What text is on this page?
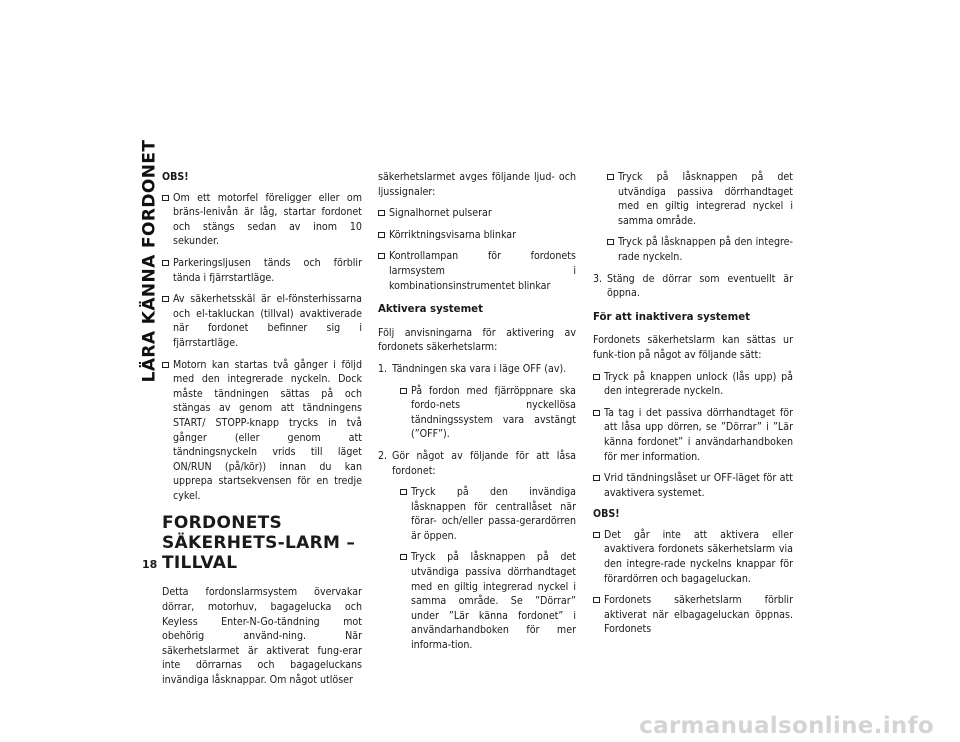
LÄRA KÄNNA FORDONET
18
OBS!
Om ett motorfel föreligger eller om bräns-lenivån är låg, startar fordonet och stängs sedan av inom 10 sekunder.
Parkeringsljusen tänds och förblir tända i fjärrstartläge.
Av säkerhetsskäl är el-fönsterhissarna och el-takluckan (tillval) avaktiverade när fordonet befinner sig i fjärrstartläge.
Motorn kan startas två gånger i följd med den integrerade nyckeln. Dock måste tändningen sättas på och stängas av genom att tändningens START/ STOPP-knapp trycks in två gånger (eller genom att tändningsnyckeln vrids till läget ON/RUN (på/kör)) innan du kan upprepa startsekvensen för en tredje cykel.
FORDONETS SÄKERHETS-LARM – TILLVAL

Detta fordonslarmsystem övervakar dörrar, motorhuv, bagagelucka och Keyless Enter-N-Go-tändning mot obehörig använd-ning. När säkerhetslarmet är aktiverat fung-erar inte dörrarnas och bagageluckans invändiga låsknappar. Om något utlöser

säkerhetslarmet avges följande ljud- och ljussignaler:

Signalhornet pulserar
Körriktningsvisarna blinkar
Kontrollampan för fordonets larmsystem i kombinationsinstrumentet blinkar
Aktivera systemet

Följ anvisningarna för aktivering av fordonets säkerhetslarm:

1. Tändningen ska vara i läge OFF (av).
På fordon med fjärröppnare ska fordo-nets nyckellösa tändningssystem vara avstängt (”OFF”).
2. Gör något av följande för att låsa fordonet:
Tryck på den invändiga låsknappen för centrallåset när förar- och/eller passa-gerardörren är öppen.
Tryck på låsknappen på det utvändiga passiva dörrhandtaget med en giltig integrerad nyckel i samma område. Se ”Dörrar” under ”Lär känna fordonet” i användarhandboken för mer informa-tion.
Tryck på låsknappen på det utvändiga passiva dörrhandtaget med en giltig integrerad nyckel i samma område.
Tryck på låsknappen på den integre-rade nyckeln.
3. Stäng de dörrar som eventuellt är öppna.
För att inaktivera systemet

Fordonets säkerhetslarm kan sättas ur funk-tion på något av följande sätt:

Tryck på knappen unlock (lås upp) på den integrerade nyckeln.
Ta tag i det passiva dörrhandtaget för att låsa upp dörren, se ”Dörrar” i ”Lär känna fordonet” i användarhandboken för mer information.
Vrid tändningslåset ur OFF-läget för att avaktivera systemet.
OBS!
Det går inte att aktivera eller avaktivera fordonets säkerhetslarm via den integre-rade nyckelns knappar för förardörren och bagageluckan.
Fordonets säkerhetslarm förblir aktiverat när elbagageluckan öppnas. Fordonets
carmanualsonline.info
